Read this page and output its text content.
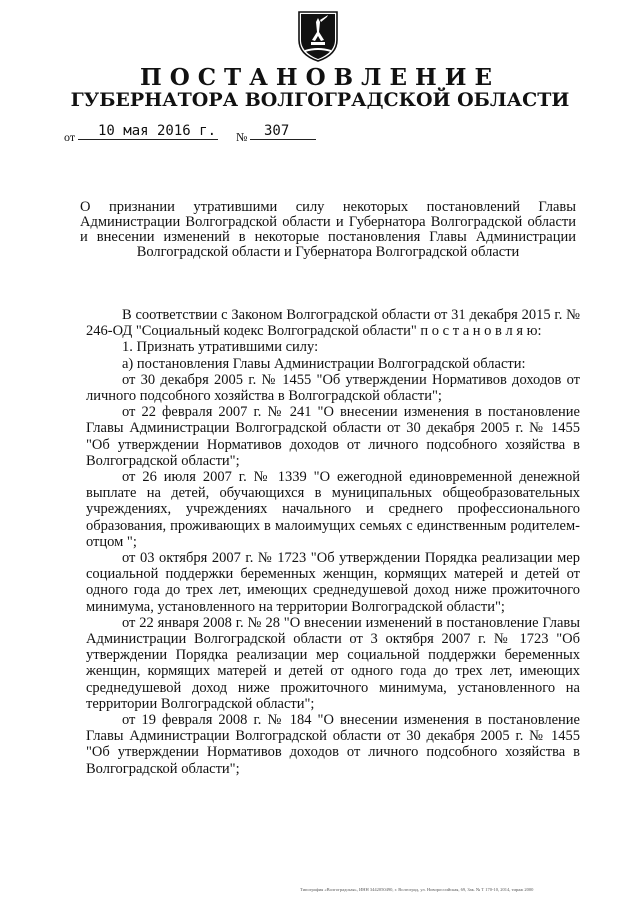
ПОСТАНОВЛЕНИЕ
ГУБЕРНАТОРА ВОЛГОГРАДСКОЙ ОБЛАСТИ
от	10 мая 2016 г. №	307
О признании утратившими силу некоторых постановлений Главы Администрации Волгоградской области и Губернатора Волгоградской области и внесении изменений в некоторые постановления Главы Администрации Волгоградской области и Губернатора Волгоградской области

В соответствии с Законом Волгоградской области от 31 декабря 2015 г. № 246-ОД "Социальный кодекс Волгоградской области" п о с т а н о в л я ю:

1. Признать утратившими силу:

а) постановления Главы Администрации Волгоградской области:

от 30 декабря 2005 г. № 1455 "Об утверждении Нормативов доходов от личного подсобного хозяйства в Волгоградской области";

от 22 февраля 2007 г. № 241 "О внесении изменения в постановление Главы Администрации Волгоградской области от 30 декабря 2005 г. № 1455 "Об утверждении Нормативов доходов от личного подсобного хозяйства в Волгоградской области";

от 26 июля 2007 г. № 1339 "О ежегодной единовременной денежной выплате на детей, обучающихся в муниципальных общеобразовательных учреждениях, учреждениях начального и среднего профессионального образования, проживающих в малоимущих семьях с единственным родителем-отцом ";

от 03 октября 2007 г. № 1723 "Об утверждении Порядка реализации мер социальной поддержки беременных женщин, кормящих матерей и детей от одного года до трех лет, имеющих среднедушевой доход ниже прожиточного минимума, установленного на территории Волгоградской области";

от 22 января 2008 г. № 28 "О внесении изменений в постановление Главы Администрации Волгоградской области от 3 октября 2007 г. № 1723 "Об утверждении Порядка реализации мер социальной поддержки беременных женщин, кормящих матерей и детей от одного года до трех лет, имеющих среднедушевой доход ниже прожиточного минимума, установленного на территории Волгоградской области";

от 19 февраля 2008 г. № 184 "О внесении изменения в постановление Главы Администрации Волгоградской области от 30 декабря 2005 г. № 1455 "Об утверждении Нормативов доходов от личного подсобного хозяйства в Волгоградской области";

Типография «Волгоградская», ИНН 3442050490, г. Волгоград, ул. Новороссийская, 69, Зак. № Т 170-10, 2014, тираж 2000
